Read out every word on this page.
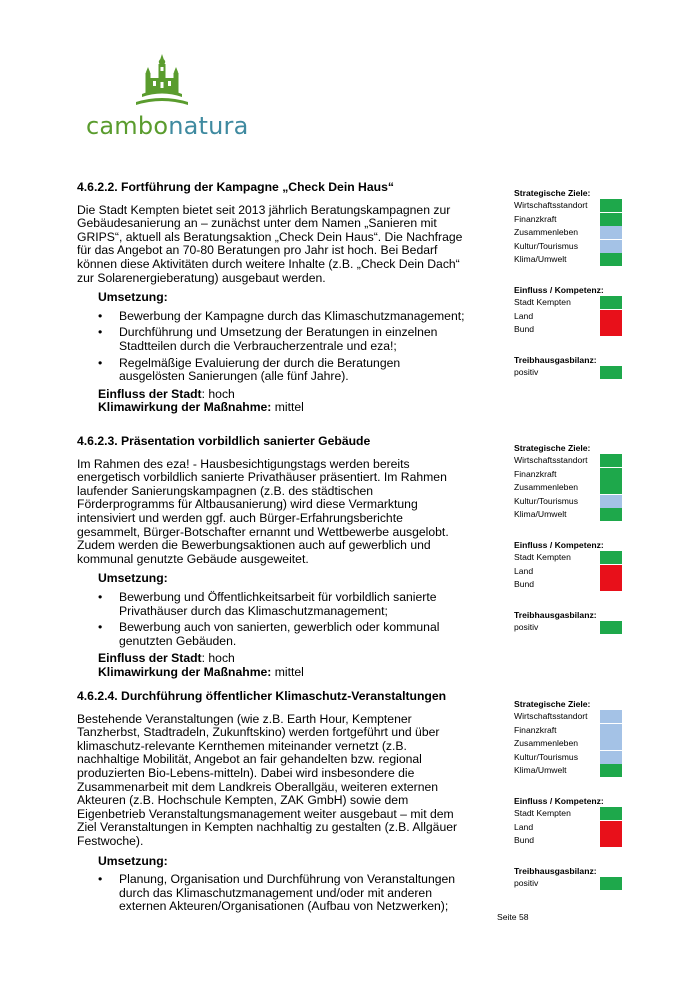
cambonatura
4.6.2.2. Fortführung der Kampagne „Check Dein Haus“

Die Stadt Kempten bietet seit 2013 jährlich Beratungskampagnen zur Gebäudesanierung an – zunächst unter dem Namen „Sanieren mit GRIPS“, aktuell als Beratungsaktion „Check Dein Haus“. Die Nachfrage für das Angebot an 70-80 Beratungen pro Jahr ist hoch. Bei Bedarf können diese Aktivitäten durch weitere Inhalte (z.B. „Check Dein Dach“ zur Solarenergieberatung) ausgebaut werden.

Umsetzung:
• Bewerbung der Kampagne durch das Klimaschutzmanagement;
• Durchführung und Umsetzung der Beratungen in einzelnen Stadtteilen durch die Verbraucherzentrale und eza!;
• Regelmäßige Evaluierung der durch die Beratungen ausgelösten Sanierungen (alle fünf Jahre).
Einfluss der Stadt: hoch
Klimawirkung der Maßnahme: mittel
4.6.2.3. Präsentation vorbildlich sanierter Gebäude

Im Rahmen des eza! - Hausbesichtigungstags werden bereits energetisch vorbildlich sanierte Privathäuser präsentiert. Im Rahmen laufender Sanierungskampagnen (z.B. des städtischen Förderprogramms für Altbausanierung) wird diese Vermarktung intensiviert und werden ggf. auch Bürger-Erfahrungsberichte gesammelt, Bürger-Botschafter ernannt und Wettbewerbe ausgelobt. Zudem werden die Bewerbungsaktionen auch auf gewerblich und kommunal genutzte Gebäude ausgeweitet.

Umsetzung:
• Bewerbung und Öffentlichkeitsarbeit für vorbildlich sanierte Privathäuser durch das Klimaschutzmanagement;
• Bewerbung auch von sanierten, gewerblich oder kommunal genutzten Gebäuden.
Einfluss der Stadt: hoch
Klimawirkung der Maßnahme: mittel
4.6.2.4. Durchführung öffentlicher Klimaschutz-Veranstaltungen

Bestehende Veranstaltungen (wie z.B. Earth Hour, Kemptener Tanzherbst, Stadtradeln, Zukunftskino) werden fortgeführt und über klimaschutz-relevante Kernthemen miteinander vernetzt (z.B. nachhaltige Mobilität, Angebot an fair gehandelten bzw. regional produzierten Bio-Lebens-mitteln). Dabei wird insbesondere die Zusammenarbeit mit dem Landkreis Oberallgäu, weiteren externen Akteuren (z.B. Hochschule Kempten, ZAK GmbH) sowie dem Eigenbetrieb Veranstaltungsmanagement weiter ausgebaut – mit dem Ziel Veranstaltungen in Kempten nachhaltig zu gestalten (z.B. Allgäuer Festwoche).

Umsetzung:
• Planung, Organisation und Durchführung von Veranstaltungen durch das Klimaschutzmanagement und/oder mit anderen externen Akteuren/Organisationen (Aufbau von Netzwerken);
Strategische Ziele:
Wirtschaftsstandort
Finanzkraft
Zusammenleben
Kultur/Tourismus
Klima/Umwelt
Einfluss / Kompetenz:
Stadt Kempten
Land
Bund
Treibhausgasbilanz:
positiv
Strategische Ziele:
Wirtschaftsstandort
Finanzkraft
Zusammenleben
Kultur/Tourismus
Klima/Umwelt
Einfluss / Kompetenz:
Stadt Kempten
Land
Bund
Treibhausgasbilanz:
positiv
Strategische Ziele:
Wirtschaftsstandort
Finanzkraft
Zusammenleben
Kultur/Tourismus
Klima/Umwelt
Einfluss / Kompetenz:
Stadt Kempten
Land
Bund
Treibhausgasbilanz:
positiv
Seite 58
